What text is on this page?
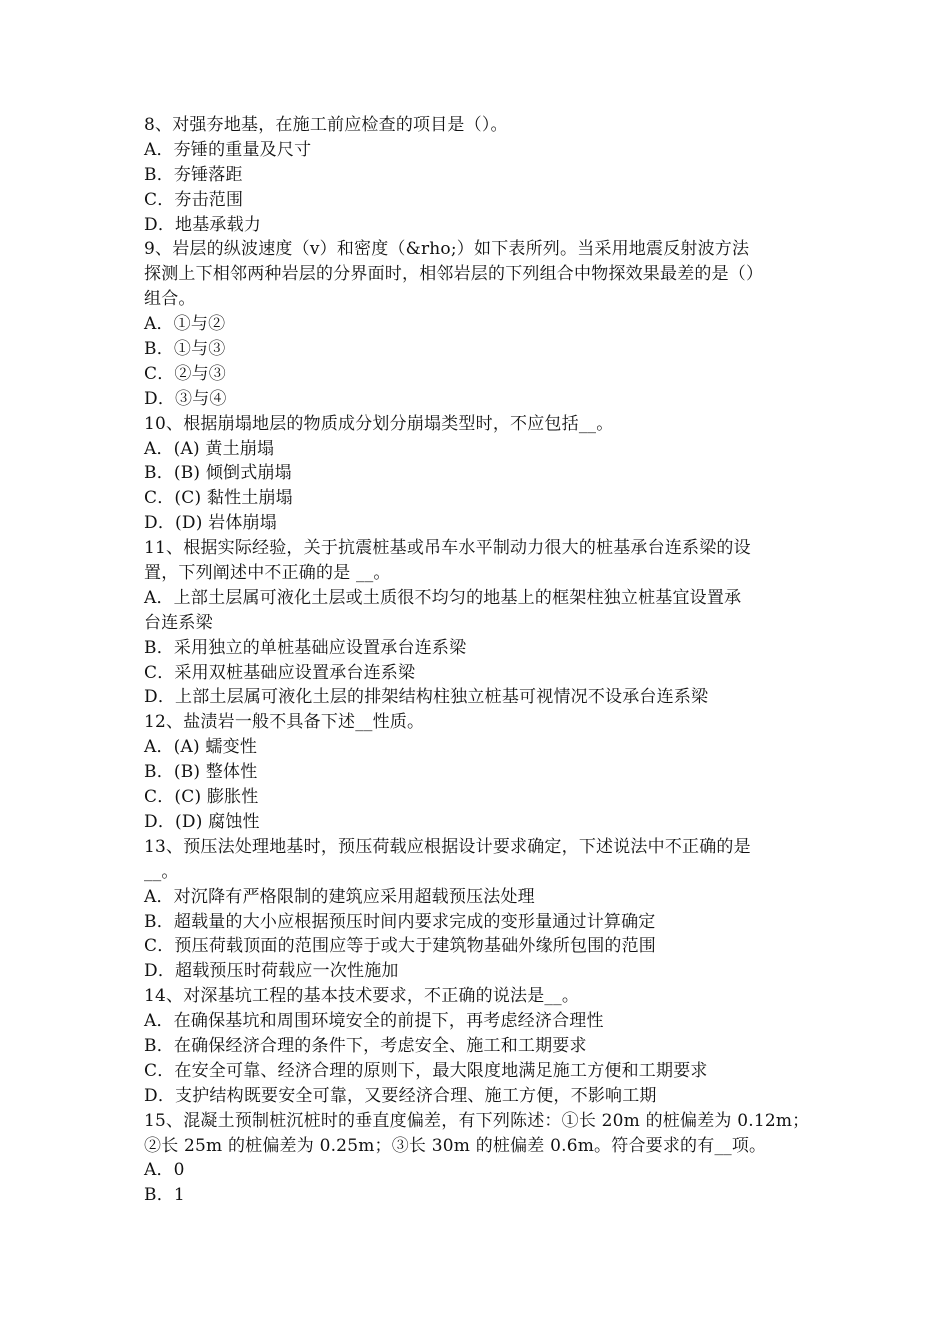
8、对强夯地基，在施工前应检查的项目是（）。
A．夯锤的重量及尺寸
B．夯锤落距
C．夯击范围
D．地基承载力
9、岩层的纵波速度（v）和密度（&rho;）如下表所列。当采用地震反射波方法
探测上下相邻两种岩层的分界面时，相邻岩层的下列组合中物探效果最差的是（）
组合。
A．①与②
B．①与③
C．②与③
D．③与④
10、根据崩塌地层的物质成分划分崩塌类型时，不应包括__。
A．(A) 黄土崩塌
B．(B) 倾倒式崩塌
C．(C) 黏性土崩塌
D．(D) 岩体崩塌
11、根据实际经验，关于抗震桩基或吊车水平制动力很大的桩基承台连系梁的设
置，下列阐述中不正确的是 __。
A．上部土层属可液化土层或土质很不均匀的地基上的框架柱独立桩基宜设置承
台连系梁
B．采用独立的单桩基础应设置承台连系梁
C．采用双桩基础应设置承台连系梁
D．上部土层属可液化土层的排架结构柱独立桩基可视情况不设承台连系梁
12、盐渍岩一般不具备下述__性质。
A．(A) 蠕变性
B．(B) 整体性
C．(C) 膨胀性
D．(D) 腐蚀性
13、预压法处理地基时，预压荷载应根据设计要求确定，下述说法中不正确的是
__。
A．对沉降有严格限制的建筑应采用超载预压法处理
B．超载量的大小应根据预压时间内要求完成的变形量通过计算确定
C．预压荷载顶面的范围应等于或大于建筑物基础外缘所包围的范围
D．超载预压时荷载应一次性施加
14、对深基坑工程的基本技术要求，不正确的说法是__。
A．在确保基坑和周围环境安全的前提下，再考虑经济合理性
B．在确保经济合理的条件下，考虑安全、施工和工期要求
C．在安全可靠、经济合理的原则下，最大限度地满足施工方便和工期要求
D．支护结构既要安全可靠，又要经济合理、施工方便，不影响工期
15、混凝土预制桩沉桩时的垂直度偏差，有下列陈述：①长 20m 的桩偏差为 0.12m；
②长 25m 的桩偏差为 0.25m；③长 30m 的桩偏差 0.6m。符合要求的有__项。
A．0
B．1
